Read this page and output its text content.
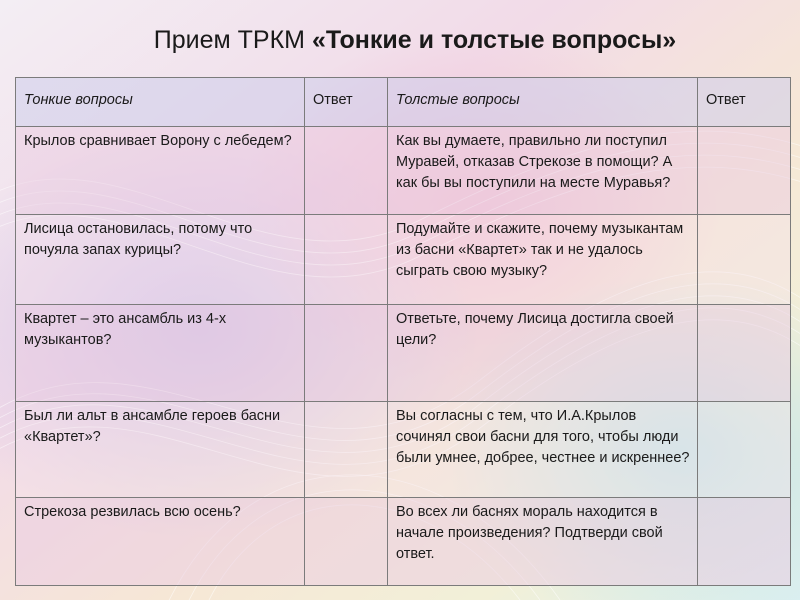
Прием ТРКМ «Тонкие и толстые вопросы»
Тонкие вопросы	Ответ	Толстые вопросы	Ответ
Крылов сравнивает Ворону с лебедем?		Как вы думаете, правильно ли поступил Муравей, отказав Стрекозе в помощи? А как бы вы поступили на месте Муравья?	
Лисица остановилась, потому что почуяла запах курицы?		Подумайте и скажите, почему музыкантам из басни «Квартет» так и не удалось сыграть свою музыку?	
Квартет – это ансамбль из 4-х музыкантов?		Ответьте, почему Лисица достигла своей цели?	
Был ли альт в ансамбле героев басни «Квартет»?		Вы согласны с тем, что И.А.Крылов сочинял свои басни для того, чтобы люди были умнее, добрее, честнее и искреннее?	
Стрекоза резвилась всю осень?		Во всех ли баснях мораль находится в начале произведения? Подтверди свой ответ.	
